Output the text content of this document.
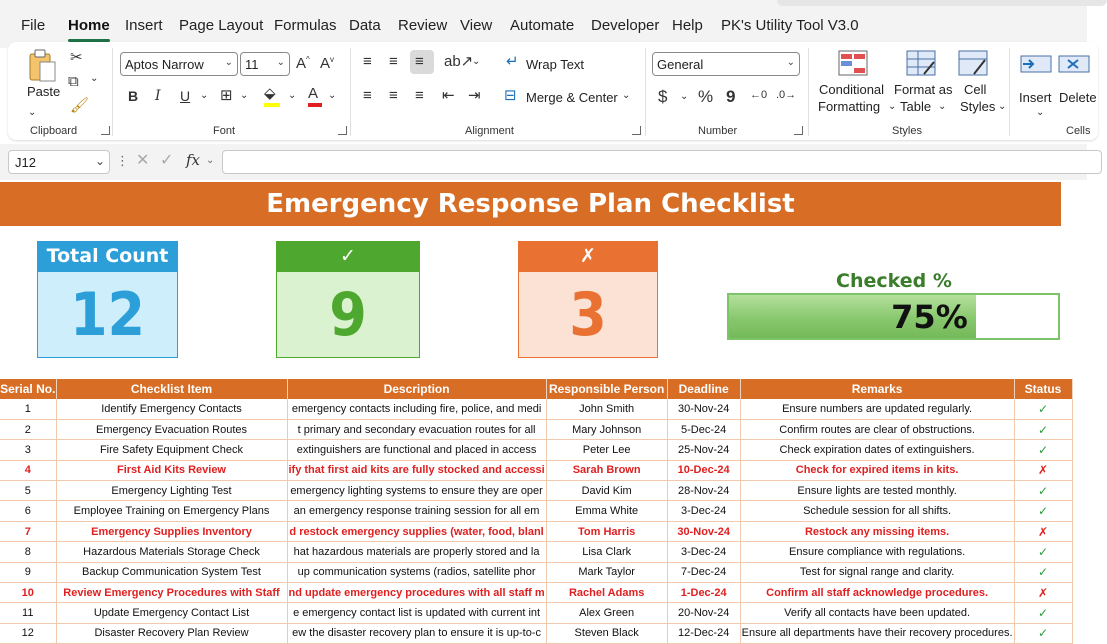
File Home Insert Page Layout Formulas Data Review View Automate Developer Help PK's Utility Tool V3.0
Paste
⌄
✂
⧉ ⌄
🖌
Clipboard
Aptos Narrow ⌄ 11 ⌄ A^ $A^v$
B I U ⌄ ⊞ ⌄ ⬙ ⌄ A ⌄
Font
≡ ≡ ≡ ab↗
⌄
≡ ≡ ≡ ⇤ ⇥
↵ Wrap Text
⊟ Merge & Center ⌄
Alignment
General	⌄
$ ⌄ % 9 ←0 .0→
Number
Conditional
Formatting ⌄
Format as
Table ⌄
Cell
Styles ⌄
Styles
Insert
⌄
Delete
Cells
J12	⌄ ⋮ ✕ ✓ fx ⌄
Emergency Response Plan Checklist
Total Count
12
✓
9
✗
3	Checked %
75%
Serial No.	Checklist Item	Description	Responsible Person	Deadline	Remarks	Status
1	Identify Emergency Contacts	emergency contacts including fire, police, and medi	John Smith	30-Nov-24	Ensure numbers are updated regularly.	✓
2	Emergency Evacuation Routes	t primary and secondary evacuation routes for all	Mary Johnson	5-Dec-24	Confirm routes are clear of obstructions.	✓
3	Fire Safety Equipment Check	extinguishers are functional and placed in access	Peter Lee	25-Nov-24	Check expiration dates of extinguishers.	✓
4	First Aid Kits Review	ify that first aid kits are fully stocked and accessi	Sarah Brown	10-Dec-24	Check for expired items in kits.	✗
5	Emergency Lighting Test	emergency lighting systems to ensure they are oper	David Kim	28-Nov-24	Ensure lights are tested monthly.	✓
6	Employee Training on Emergency Plans	an emergency response training session for all em	Emma White	3-Dec-24	Schedule session for all shifts.	✓
7	Emergency Supplies Inventory	d restock emergency supplies (water, food, blanl	Tom Harris	30-Nov-24	Restock any missing items.	✗
8	Hazardous Materials Storage Check	hat hazardous materials are properly stored and la	Lisa Clark	3-Dec-24	Ensure compliance with regulations.	✓
9	Backup Communication System Test	up communication systems (radios, satellite phor	Mark Taylor	7-Dec-24	Test for signal range and clarity.	✓
10	Review Emergency Procedures with Staff	nd update emergency procedures with all staff m	Rachel Adams	1-Dec-24	Confirm all staff acknowledge procedures.	✗
11	Update Emergency Contact List	e emergency contact list is updated with current int	Alex Green	20-Nov-24	Verify all contacts have been updated.	✓
12	Disaster Recovery Plan Review	ew the disaster recovery plan to ensure it is up-to-c	Steven Black	12-Dec-24	Ensure all departments have their recovery procedures.	✓
